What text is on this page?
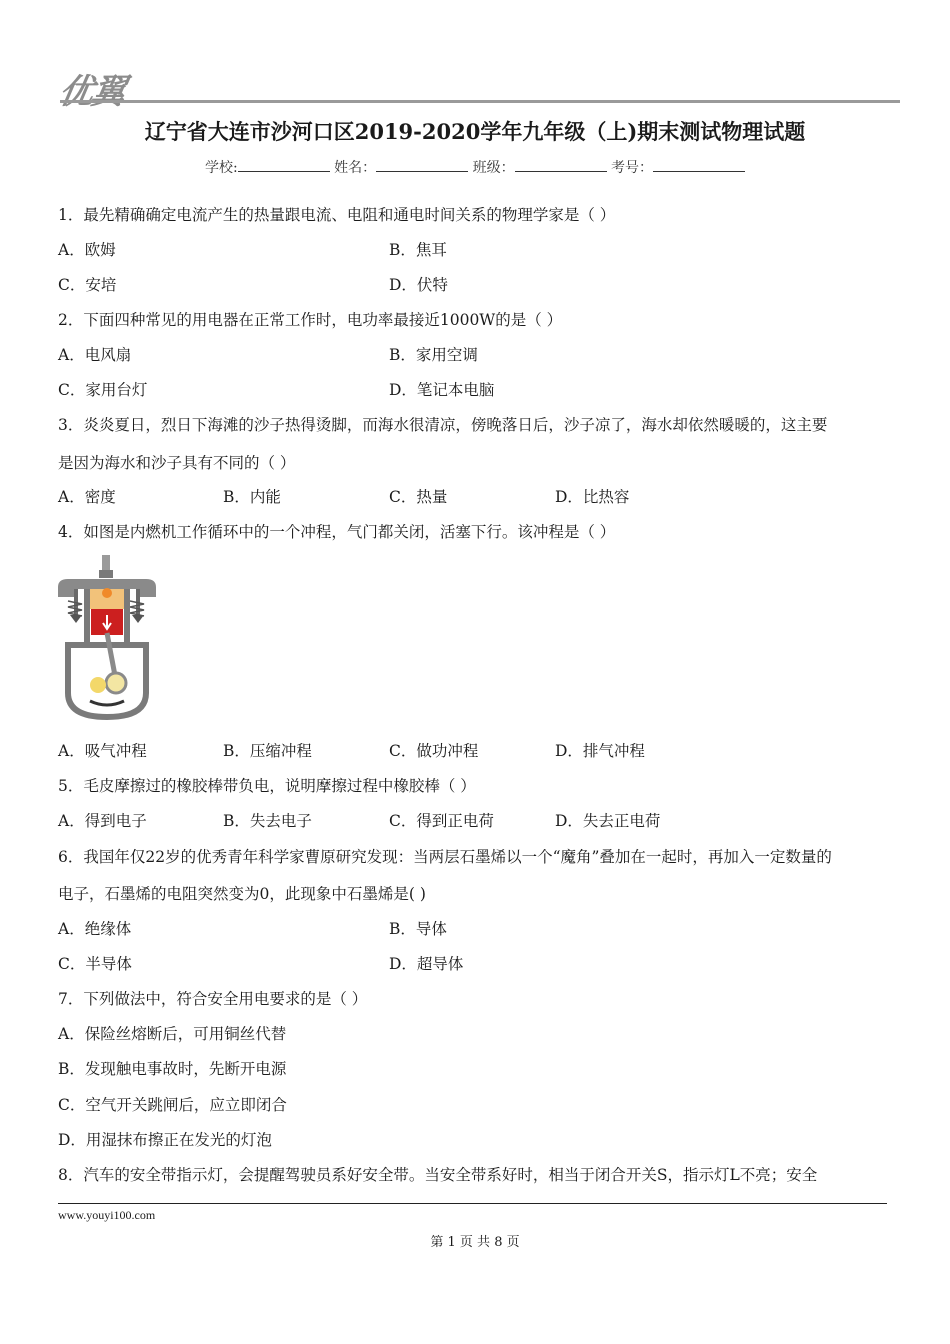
优翼
辽宁省大连市沙河口区2019-2020学年九年级（上)期末测试物理试题
学校:	姓名：	班级：	考号：
1．最先精确确定电流产生的热量跟电流、电阻和通电时间关系的物理学家是（ ）
A．欧姆	B．焦耳
C．安培	D．伏特
2．下面四种常见的用电器在正常工作时，电功率最接近1000W的是（ ）
A．电风扇	B．家用空调
C．家用台灯	D．笔记本电脑
3．炎炎夏日，烈日下海滩的沙子热得烫脚，而海水很清凉，傍晚落日后，沙子凉了，海水却依然暖暖的，这主要
是因为海水和沙子具有不同的（ ）
A．密度	B．内能	C．热量	D．比热容
4．如图是内燃机工作循环中的一个冲程，气门都关闭，活塞下行。该冲程是（ ）
A．吸气冲程	B．压缩冲程	C．做功冲程	D．排气冲程
5．毛皮摩擦过的橡胶棒带负电，说明摩擦过程中橡胶棒（ ）
A．得到电子	B．失去电子	C．得到正电荷	D．失去正电荷
6．我国年仅22岁的优秀青年科学家曹原研究发现：当两层石墨烯以一个“魔角”叠加在一起时，再加入一定数量的
电子，石墨烯的电阻突然变为0，此现象中石墨烯是( )
A．绝缘体	B．导体
C．半导体	D．超导体
7．下列做法中，符合安全用电要求的是（ ）
A．保险丝熔断后，可用铜丝代替
B．发现触电事故时，先断开电源
C．空气开关跳闸后，应立即闭合
D．用湿抹布擦正在发光的灯泡
8．汽车的安全带指示灯，会提醒驾驶员系好安全带。当安全带系好时，相当于闭合开关S，指示灯L不亮；安全
www.youyi100.com
第 1 页 共 8 页
